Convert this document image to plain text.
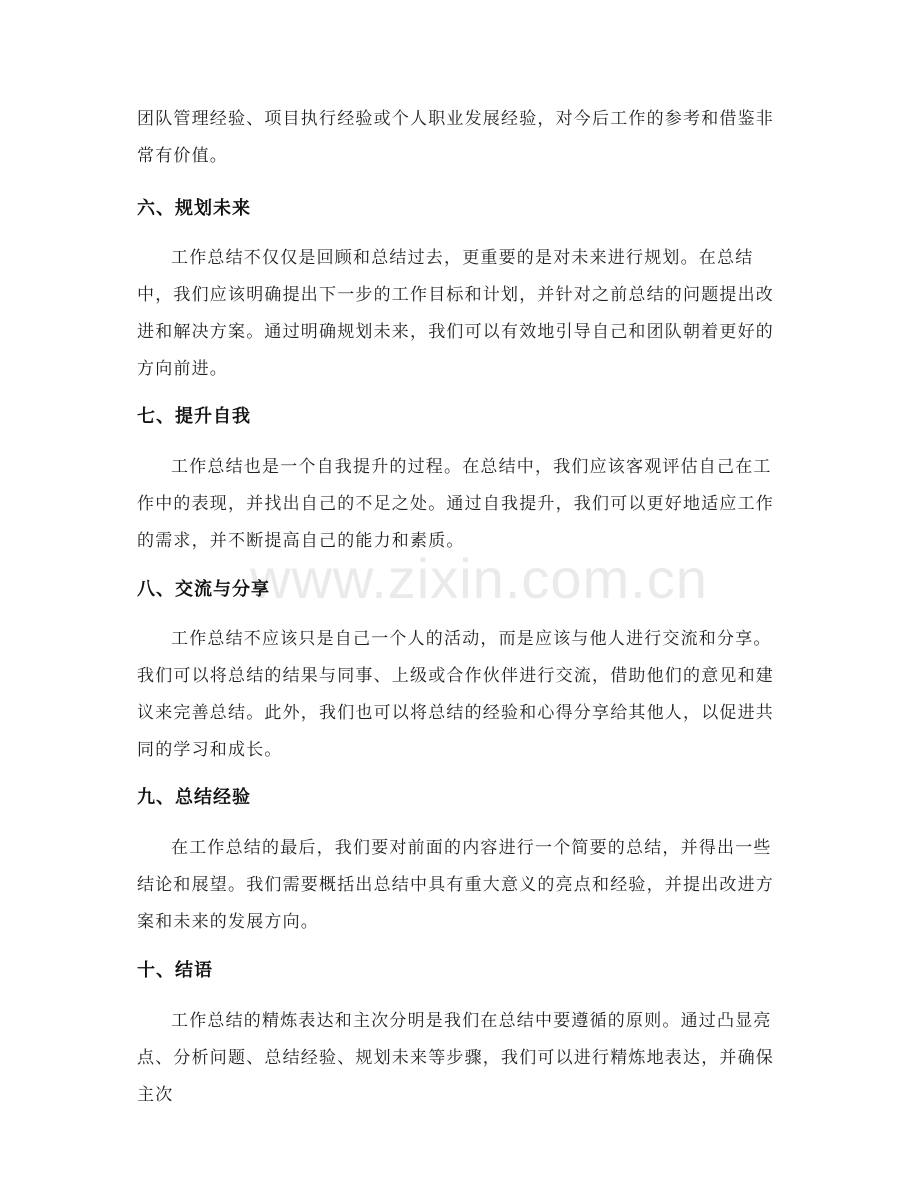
团队管理经验、项目执行经验或个人职业发展经验，对今后工作的参考和借鉴非常有价值。

六、规划未来

工作总结不仅仅是回顾和总结过去，更重要的是对未来进行规划。在总结中，我们应该明确提出下一步的工作目标和计划，并针对之前总结的问题提出改进和解决方案。通过明确规划未来，我们可以有效地引导自己和团队朝着更好的方向前进。

七、提升自我

工作总结也是一个自我提升的过程。在总结中，我们应该客观评估自己在工作中的表现，并找出自己的不足之处。通过自我提升，我们可以更好地适应工作的需求，并不断提高自己的能力和素质。

www.zixin.com.cn
八、交流与分享

工作总结不应该只是自己一个人的活动，而是应该与他人进行交流和分享。我们可以将总结的结果与同事、上级或合作伙伴进行交流，借助他们的意见和建议来完善总结。此外，我们也可以将总结的经验和心得分享给其他人，以促进共同的学习和成长。

九、总结经验

在工作总结的最后，我们要对前面的内容进行一个简要的总结，并得出一些结论和展望。我们需要概括出总结中具有重大意义的亮点和经验，并提出改进方案和未来的发展方向。

十、结语

工作总结的精炼表达和主次分明是我们在总结中要遵循的原则。通过凸显亮点、分析问题、总结经验、规划未来等步骤，我们可以进行精炼地表达，并确保主次
